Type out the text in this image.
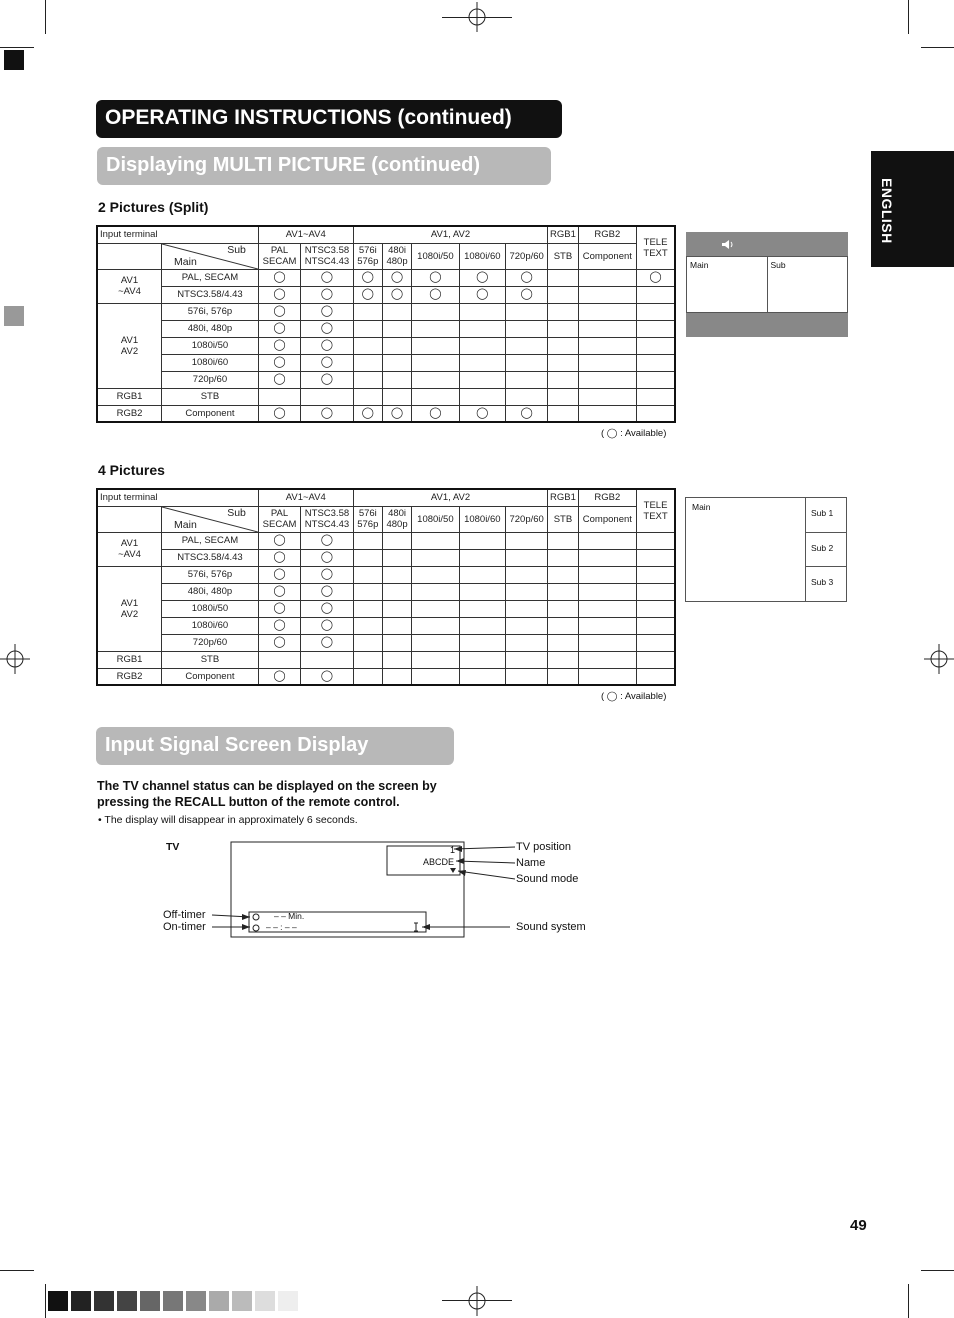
OPERATING INSTRUCTIONS (continued)
Displaying MULTI PICTURE (continued)
ENGLISH
2 Pictures (Split)
Input terminal		AV1~AV4		AV1, AV2					RGB1	RGB2	TELE
TEXT

	Sub
Main	PAL
SECAM	NTSC3.58
NTSC4.43	576i
576p	480i
480p	1080i/50	1080i/60	720p/60	STB	Component	
AV1
~AV4	PAL, SECAM	◯	◯	◯	◯	◯	◯	◯			◯
	NTSC3.58/4.43	◯	◯	◯	◯	◯	◯	◯			
AV1
AV2	576i, 576p	◯	◯								
	480i, 480p	◯	◯								
	1080i/50	◯	◯								
	1080i/60	◯	◯								
	720p/60	◯	◯								
RGB1	STB										
RGB2	Component	◯	◯	◯	◯	◯	◯	◯			
( ◯ : Available)
Main	Sub
4 Pictures
Input terminal		AV1~AV4		AV1, AV2					RGB1	RGB2	TELE
TEXT

	Sub
Main	PAL
SECAM	NTSC3.58
NTSC4.43	576i
576p	480i
480p	1080i/50	1080i/60	720p/60	STB	Component	
AV1
~AV4	PAL, SECAM	◯	◯								
	NTSC3.58/4.43	◯	◯								
AV1
AV2	576i, 576p	◯	◯								
	480i, 480p	◯	◯								
	1080i/50	◯	◯								
	1080i/60	◯	◯								
	720p/60	◯	◯								
RGB1	STB										
RGB2	Component	◯	◯								
( ◯ : Available)
Main
Sub 1
Sub 2
Sub 3
Input Signal Screen Display
The TV channel status can be displayed on the screen by
pressing the RECALL button of the remote control.
• The display will disappear in approximately 6 seconds.
TV	1
ABCDE
– – Min.
– – : – –
TV position
Name
Sound mode
Sound system
Off-timer
On-timer
49
